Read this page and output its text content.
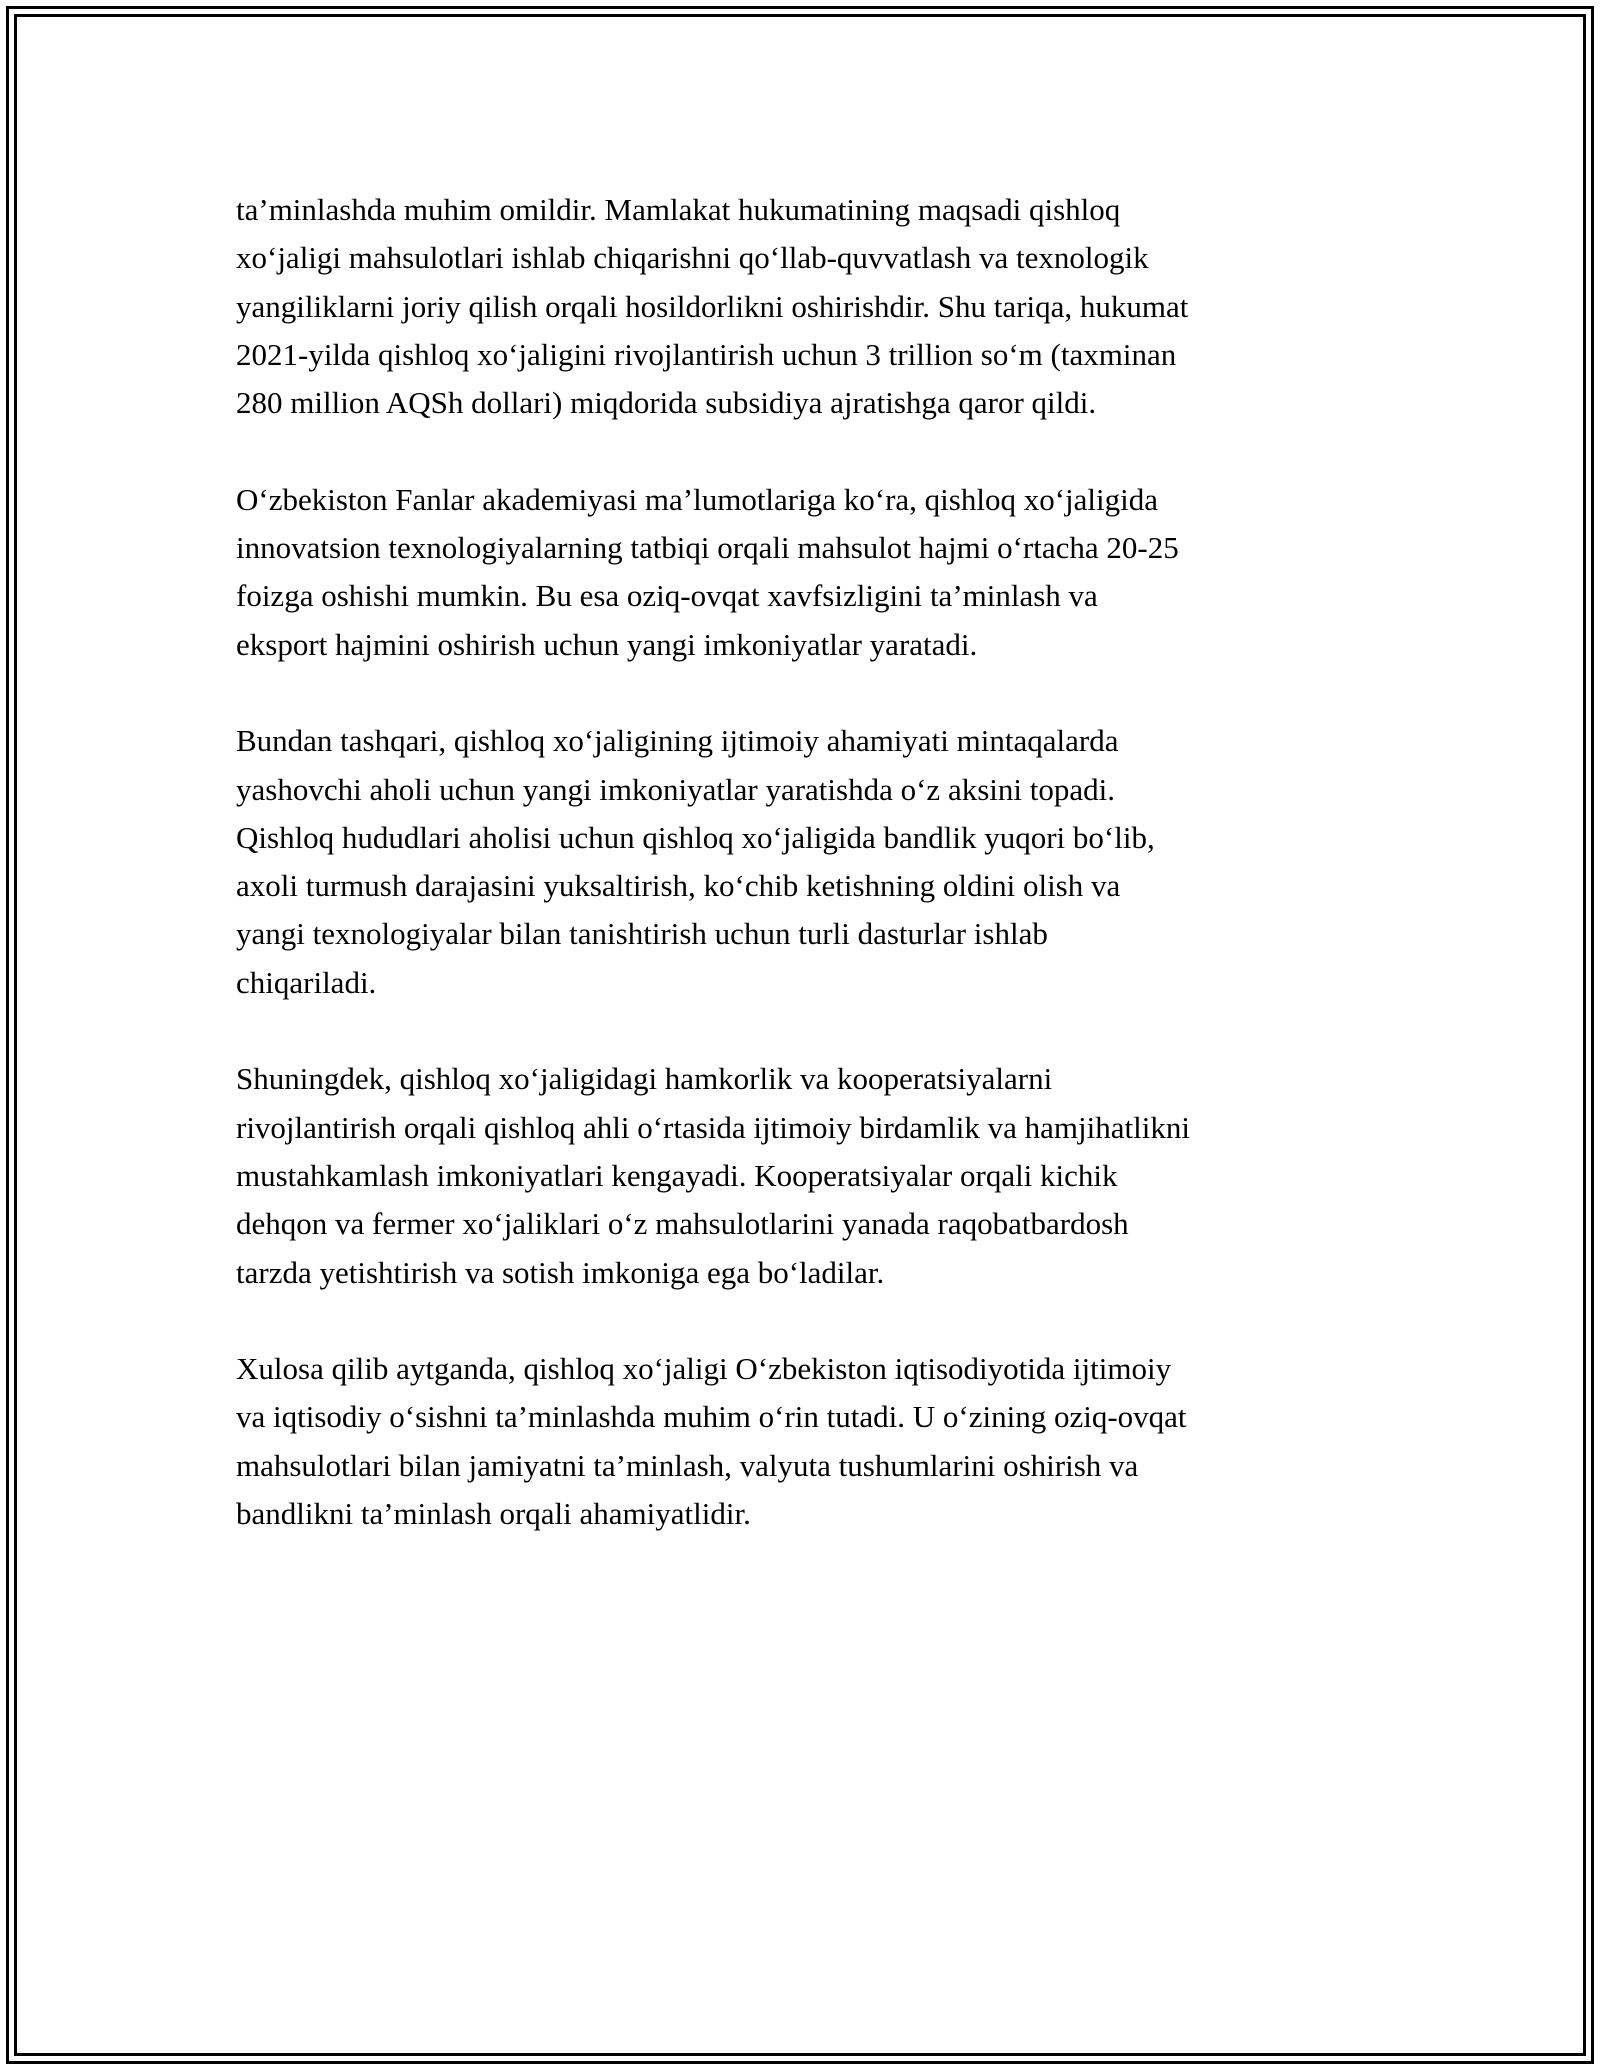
ta’minlashda muhim omildir. Mamlakat hukumatining maqsadi qishloq
xo‘jaligi mahsulotlari ishlab chiqarishni qo‘llab-quvvatlash va texnologik
yangiliklarni joriy qilish orqali hosildorlikni oshirishdir. Shu tariqa, hukumat
2021-yilda qishloq xo‘jaligini rivojlantirish uchun 3 trillion so‘m (taxminan
280 million AQSh dollari) miqdorida subsidiya ajratishga qaror qildi.

O‘zbekiston Fanlar akademiyasi ma’lumotlariga ko‘ra, qishloq xo‘jaligida
innovatsion texnologiyalarning tatbiqi orqali mahsulot hajmi o‘rtacha 20-25
foizga oshishi mumkin. Bu esa oziq-ovqat xavfsizligini ta’minlash va
eksport hajmini oshirish uchun yangi imkoniyatlar yaratadi.

Bundan tashqari, qishloq xo‘jaligining ijtimoiy ahamiyati mintaqalarda
yashovchi aholi uchun yangi imkoniyatlar yaratishda o‘z aksini topadi.
Qishloq hududlari aholisi uchun qishloq xo‘jaligida bandlik yuqori bo‘lib,
axoli turmush darajasini yuksaltirish, ko‘chib ketishning oldini olish va
yangi texnologiyalar bilan tanishtirish uchun turli dasturlar ishlab
chiqariladi.

Shuningdek, qishloq xo‘jaligidagi hamkorlik va kooperatsiyalarni
rivojlantirish orqali qishloq ahli o‘rtasida ijtimoiy birdamlik va hamjihatlikni
mustahkamlash imkoniyatlari kengayadi. Kooperatsiyalar orqali kichik
dehqon va fermer xo‘jaliklari o‘z mahsulotlarini yanada raqobatbardosh
tarzda yetishtirish va sotish imkoniga ega bo‘ladilar.

Xulosa qilib aytganda, qishloq xo‘jaligi O‘zbekiston iqtisodiyotida ijtimoiy
va iqtisodiy o‘sishni ta’minlashda muhim o‘rin tutadi. U o‘zining oziq-ovqat
mahsulotlari bilan jamiyatni ta’minlash, valyuta tushumlarini oshirish va
bandlikni ta’minlash orqali ahamiyatlidir.
